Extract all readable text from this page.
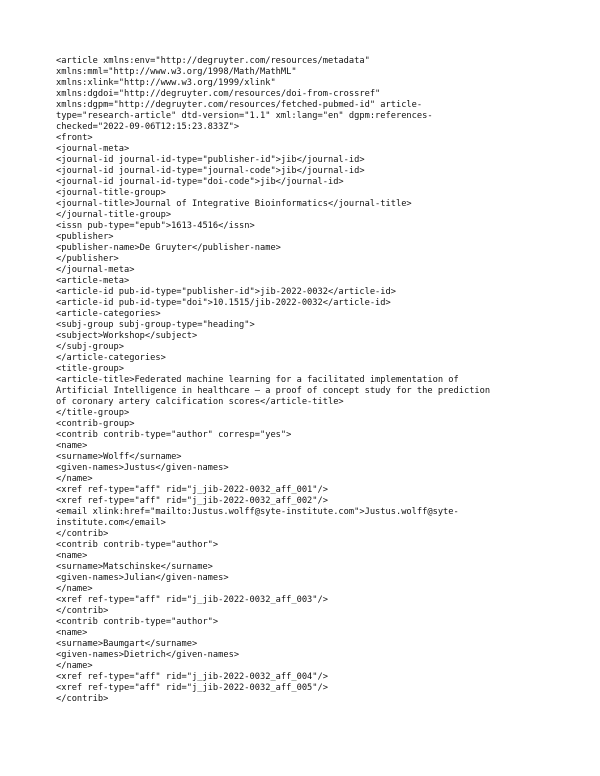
<article xmlns:env="http://degruyter.com/resources/metadata"
xmlns:mml="http://www.w3.org/1998/Math/MathML"
xmlns:xlink="http://www.w3.org/1999/xlink"
xmlns:dgdoi="http://degruyter.com/resources/doi-from-crossref"
xmlns:dgpm="http://degruyter.com/resources/fetched-pubmed-id" article-
type="research-article" dtd-version="1.1" xml:lang="en" dgpm:references-
checked="2022-09-06T12:15:23.833Z">
<front>
<journal-meta>
<journal-id journal-id-type="publisher-id">jib</journal-id>
<journal-id journal-id-type="journal-code">jib</journal-id>
<journal-id journal-id-type="doi-code">jib</journal-id>
<journal-title-group>
<journal-title>Journal of Integrative Bioinformatics</journal-title>
</journal-title-group>
<issn pub-type="epub">1613-4516</issn>
<publisher>
<publisher-name>De Gruyter</publisher-name>
</publisher>
</journal-meta>
<article-meta>
<article-id pub-id-type="publisher-id">jib-2022-0032</article-id>
<article-id pub-id-type="doi">10.1515/jib-2022-0032</article-id>
<article-categories>
<subj-group subj-group-type="heading">
<subject>Workshop</subject>
</subj-group>
</article-categories>
<title-group>
<article-title>Federated machine learning for a facilitated implementation of
Artificial Intelligence in healthcare – a proof of concept study for the prediction
of coronary artery calcification scores</article-title>
</title-group>
<contrib-group>
<contrib contrib-type="author" corresp="yes">
<name>
<surname>Wolff</surname>
<given-names>Justus</given-names>
</name>
<xref ref-type="aff" rid="j_jib-2022-0032_aff_001"/>
<xref ref-type="aff" rid="j_jib-2022-0032_aff_002"/>
<email xlink:href="mailto:Justus.wolff@syte-institute.com">Justus.wolff@syte-
institute.com</email>
</contrib>
<contrib contrib-type="author">
<name>
<surname>Matschinske</surname>
<given-names>Julian</given-names>
</name>
<xref ref-type="aff" rid="j_jib-2022-0032_aff_003"/>
</contrib>
<contrib contrib-type="author">
<name>
<surname>Baumgart</surname>
<given-names>Dietrich</given-names>
</name>
<xref ref-type="aff" rid="j_jib-2022-0032_aff_004"/>
<xref ref-type="aff" rid="j_jib-2022-0032_aff_005"/>
</contrib>
